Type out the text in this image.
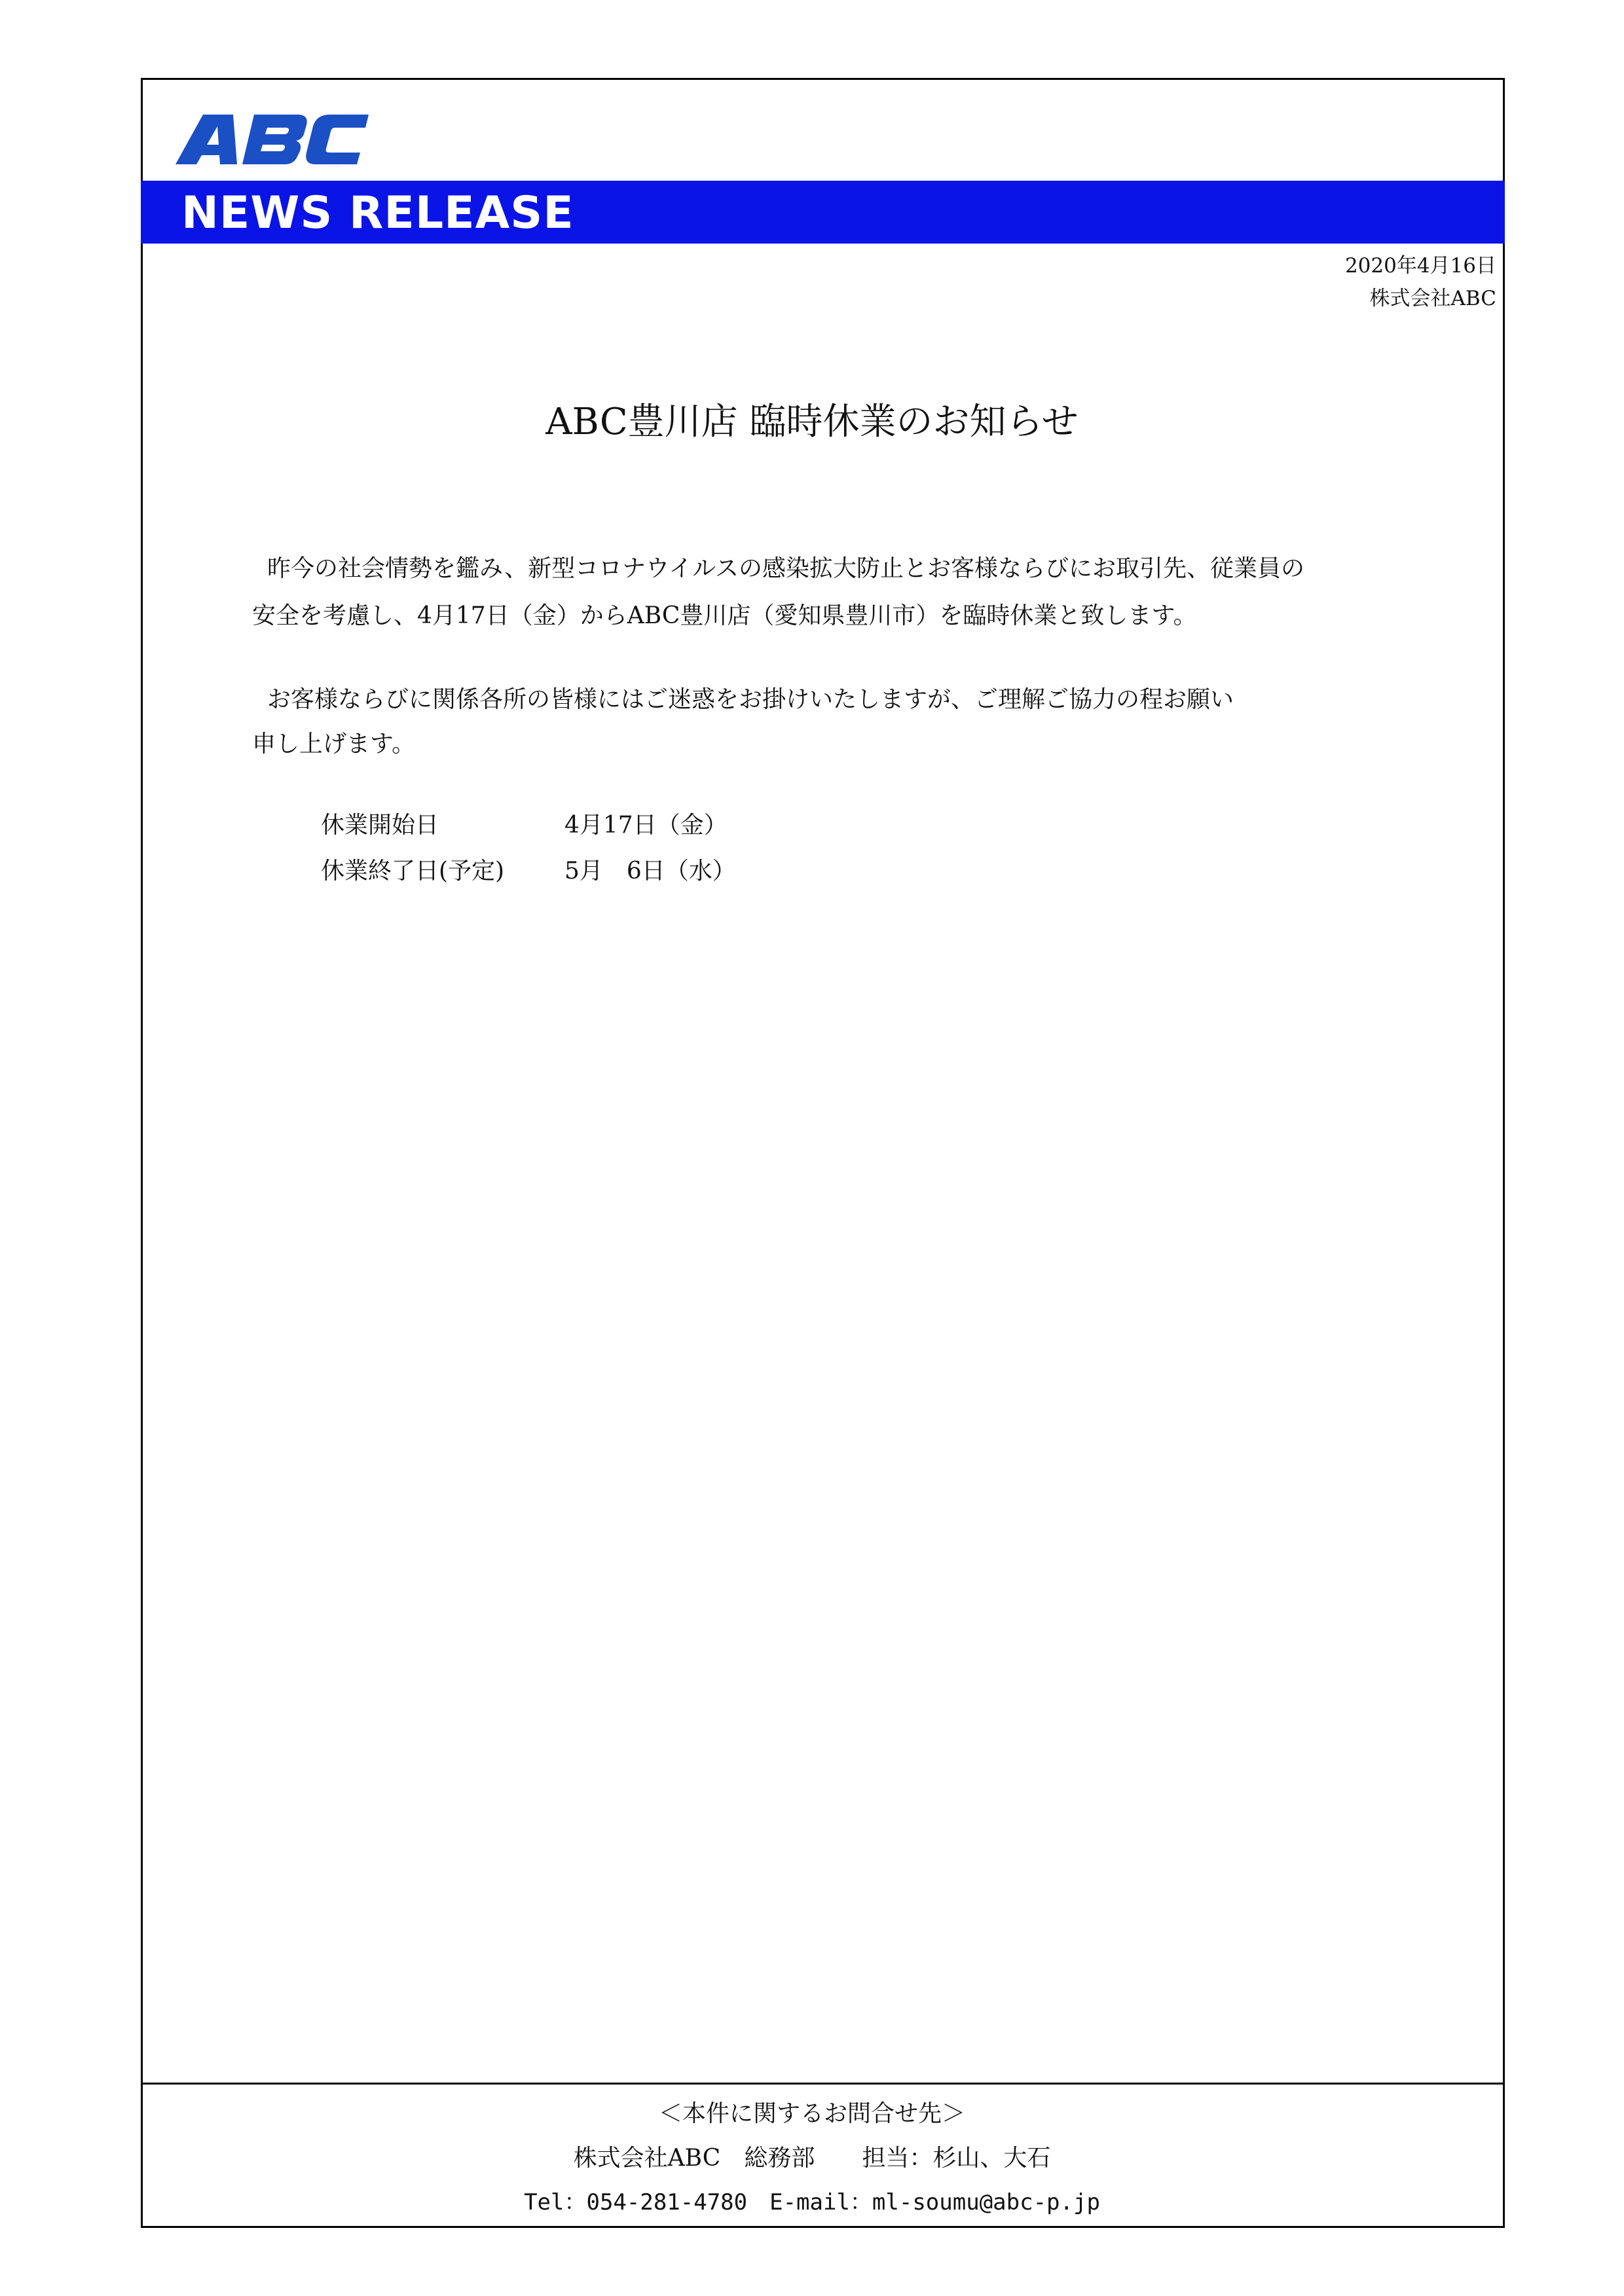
NEWS RELEASE
2020年4月16日
株式会社ABC
ABC豊川店 臨時休業のお知らせ
昨今の社会情勢を鑑み、新型コロナウイルスの感染拡大防止とお客様ならびにお取引先、従業員の
安全を考慮し、4月17日（金）からABC豊川店（愛知県豊川市）を臨時休業と致します。
お客様ならびに関係各所の皆様にはご迷惑をお掛けいたしますが、ご理解ご協力の程お願い
申し上げます。
休業開始日	4月17日（金）
休業終了日(予定)	5月　6日（水）
＜本件に関するお問合せ先＞
株式会社ABC　総務部　　担当：杉山、大石
Tel：054-281-4780　E-mail：ml-soumu@abc-p.jp
